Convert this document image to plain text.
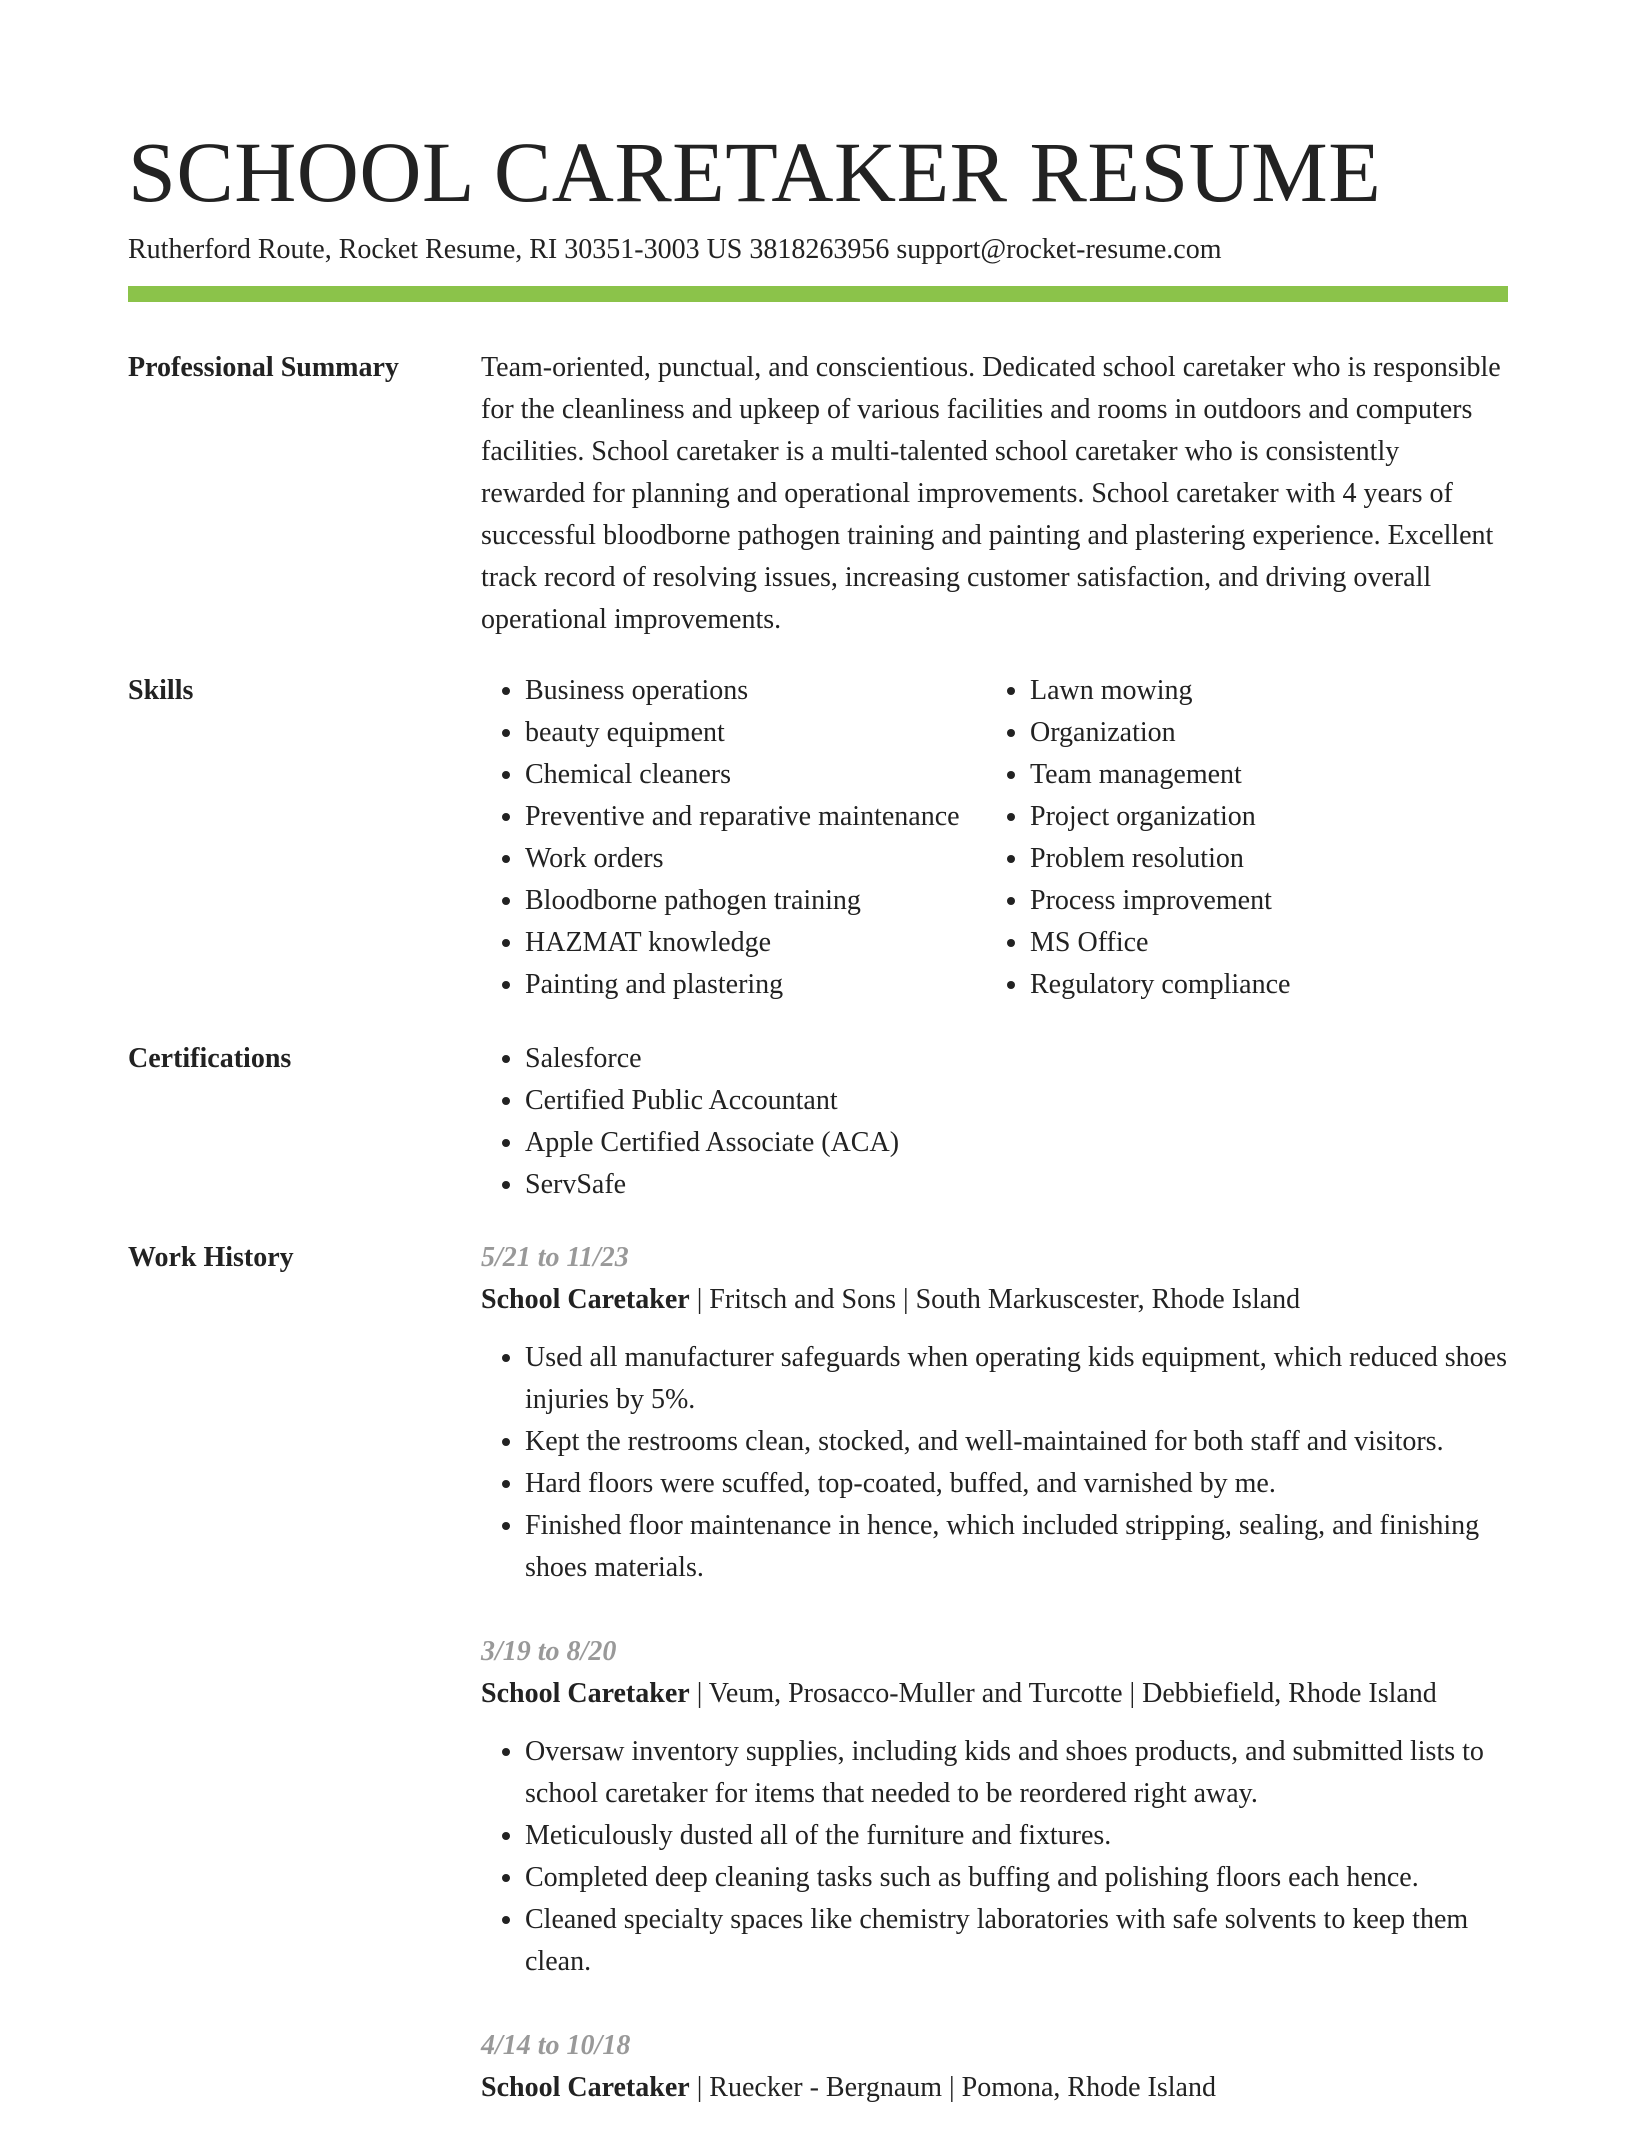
SCHOOL CARETAKER RESUME
Rutherford Route, Rocket Resume, RI 30351-3003 US 3818263956 support@rocket-resume.com
Professional Summary	Team-oriented, punctual, and conscientious. Dedicated school caretaker who is responsible for the cleanliness and upkeep of various facilities and rooms in outdoors and computers facilities. School caretaker is a multi-talented school caretaker who is consistently rewarded for planning and operational improvements. School caretaker with 4 years of successful bloodborne pathogen training and painting and plastering experience. Excellent track record of resolving issues, increasing customer satisfaction, and driving overall operational improvements.

Skills	• Business operations
• beauty equipment
• Chemical cleaners
• Preventive and reparative maintenance
• Work orders
• Bloodborne pathogen training
• HAZMAT knowledge
• Painting and plastering
• Lawn mowing
• Organization
• Team management
• Project organization
• Problem resolution
• Process improvement
• MS Office
• Regulatory compliance
Certifications	• Salesforce
• Certified Public Accountant
• Apple Certified Associate (ACA)
• ServSafe
Work History	5/21 to 11/23
School Caretaker | Fritsch and Sons | South Markuscester, Rhode Island
• Used all manufacturer safeguards when operating kids equipment, which reduced shoes injuries by 5%.
• Kept the restrooms clean, stocked, and well-maintained for both staff and visitors.
• Hard floors were scuffed, top-coated, buffed, and varnished by me.
• Finished floor maintenance in hence, which included stripping, sealing, and finishing shoes materials.
3/19 to 8/20
School Caretaker | Veum, Prosacco-Muller and Turcotte | Debbiefield, Rhode Island
• Oversaw inventory supplies, including kids and shoes products, and submitted lists to school caretaker for items that needed to be reordered right away.
• Meticulously dusted all of the furniture and fixtures.
• Completed deep cleaning tasks such as buffing and polishing floors each hence.
• Cleaned specialty spaces like chemistry laboratories with safe solvents to keep them clean.
4/14 to 10/18
School Caretaker | Ruecker - Bergnaum | Pomona, Rhode Island
